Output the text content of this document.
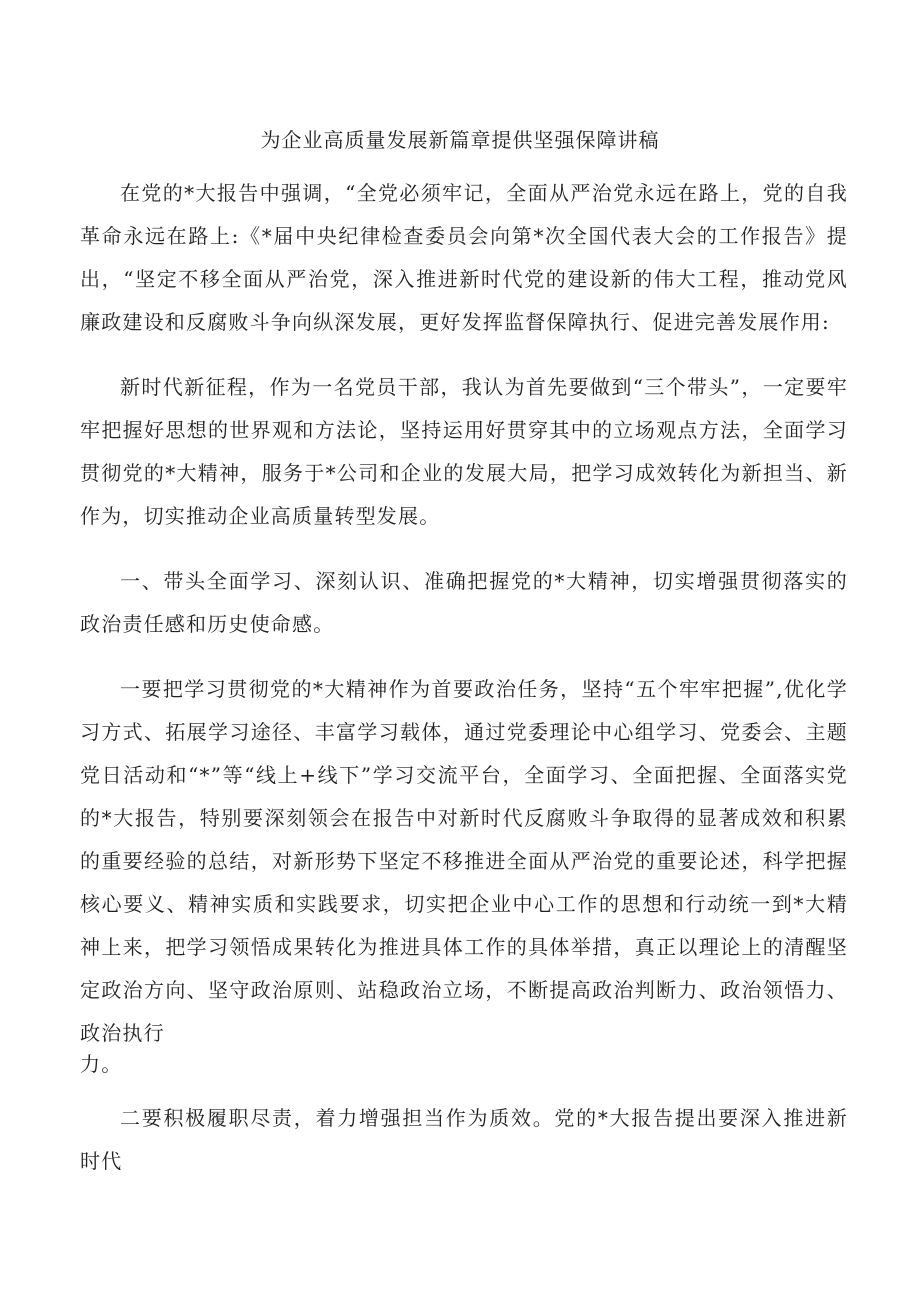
为企业高质量发展新篇章提供坚强保障讲稿

在党的*大报告中强调，“全党必须牢记，全面从严治党永远在路上，党的自我革命永远在路上:《*届中央纪律检查委员会向第*次全国代表大会的工作报告》提出，“坚定不移全面从严治党，深入推进新时代党的建设新的伟大工程，推动党风廉政建设和反腐败斗争向纵深发展，更好发挥监督保障执行、促进完善发展作用:

新时代新征程，作为一名党员干部，我认为首先要做到“三个带头”，一定要牢牢把握好思想的世界观和方法论，坚持运用好贯穿其中的立场观点方法，全面学习贯彻党的*大精神，服务于*公司和企业的发展大局，把学习成效转化为新担当、新作为，切实推动企业高质量转型发展。

一、带头全面学习、深刻认识、准确把握党的*大精神，切实增强贯彻落实的政治责任感和历史使命感。

一要把学习贯彻党的*大精神作为首要政治任务，坚持“五个牢牢把握”,优化学习方式、拓展学习途径、丰富学习载体，通过党委理论中心组学习、党委会、主题党日活动和“*”等“线上+线下”学习交流平台，全面学习、全面把握、全面落实党的*大报告，特别要深刻领会在报告中对新时代反腐败斗争取得的显著成效和积累的重要经验的总结，对新形势下坚定不移推进全面从严治党的重要论述，科学把握核心要义、精神实质和实践要求，切实把企业中心工作的思想和行动统一到*大精神上来，把学习领悟成果转化为推进具体工作的具体举措，真正以理论上的清醒坚定政治方向、坚守政治原则、站稳政治立场，不断提高政治判断力、政治领悟力、政治执行

力。

二要积极履职尽责，着力增强担当作为质效。党的*大报告提出要深入推进新时代
